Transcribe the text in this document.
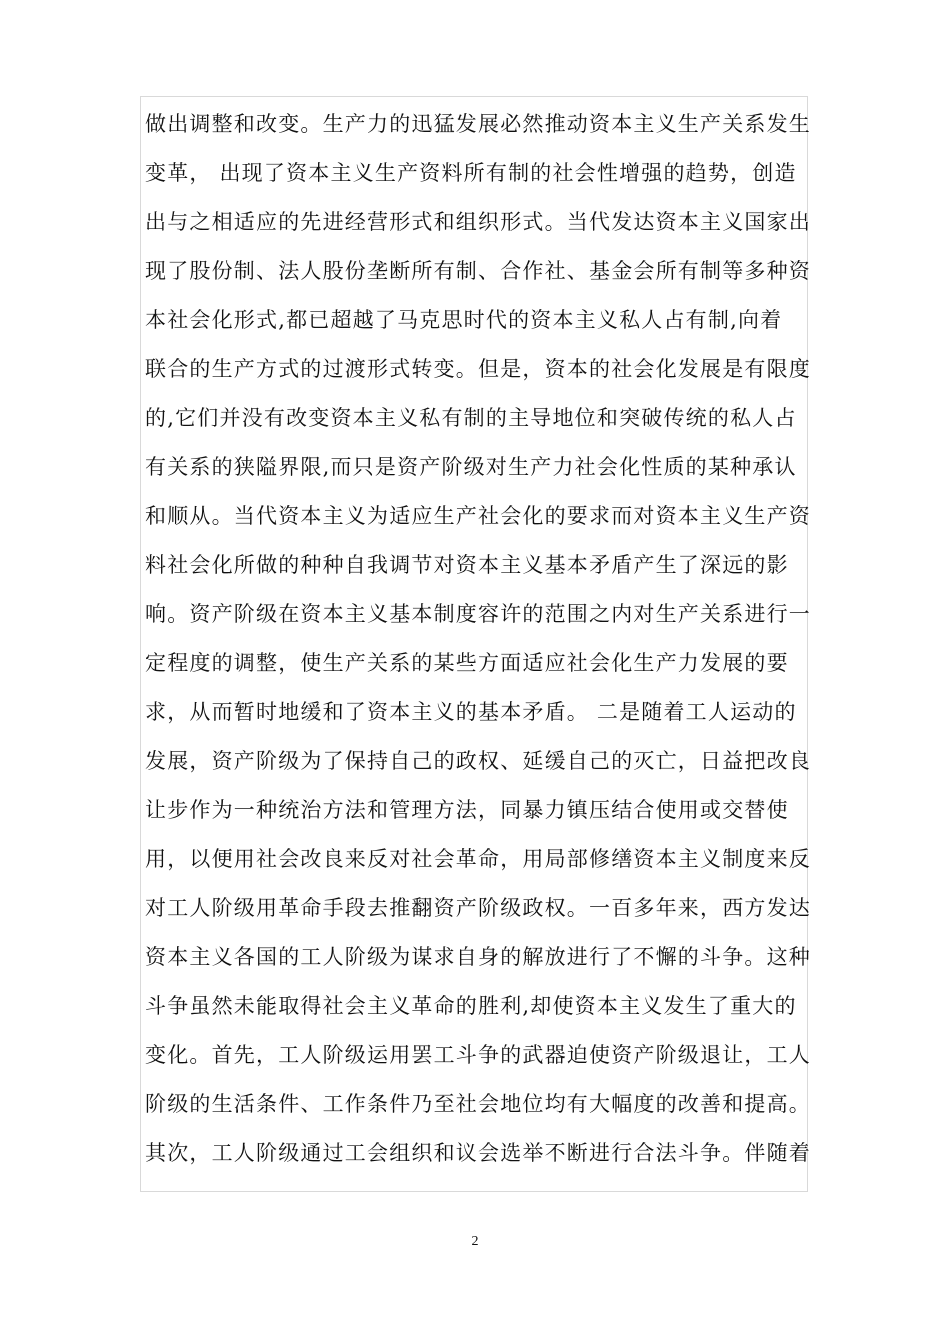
做出调整和改变。生产力的迅猛发展必然推动资本主义生产关系发生
变革， 出现了资本主义生产资料所有制的社会性增强的趋势，创造
出与之相适应的先进经营形式和组织形式。当代发达资本主义国家出
现了股份制、法人股份垄断所有制、合作社、基金会所有制等多种资
本社会化形式,都已超越了马克思时代的资本主义私人占有制,向着
联合的生产方式的过渡形式转变。但是，资本的社会化发展是有限度
的,它们并没有改变资本主义私有制的主导地位和突破传统的私人占
有关系的狭隘界限,而只是资产阶级对生产力社会化性质的某种承认
和顺从。当代资本主义为适应生产社会化的要求而对资本主义生产资
料社会化所做的种种自我调节对资本主义基本矛盾产生了深远的影
响。资产阶级在资本主义基本制度容许的范围之内对生产关系进行一
定程度的调整，使生产关系的某些方面适应社会化生产力发展的要
求，从而暂时地缓和了资本主义的基本矛盾。 二是随着工人运动的
发展，资产阶级为了保持自己的政权、延缓自己的灭亡，日益把改良
让步作为一种统治方法和管理方法，同暴力镇压结合使用或交替使
用，以便用社会改良来反对社会革命，用局部修缮资本主义制度来反
对工人阶级用革命手段去推翻资产阶级政权。一百多年来，西方发达
资本主义各国的工人阶级为谋求自身的解放进行了不懈的斗争。这种
斗争虽然未能取得社会主义革命的胜利,却使资本主义发生了重大的
变化。首先，工人阶级运用罢工斗争的武器迫使资产阶级退让，工人
阶级的生活条件、工作条件乃至社会地位均有大幅度的改善和提高。
其次，工人阶级通过工会组织和议会选举不断进行合法斗争。伴随着
2
